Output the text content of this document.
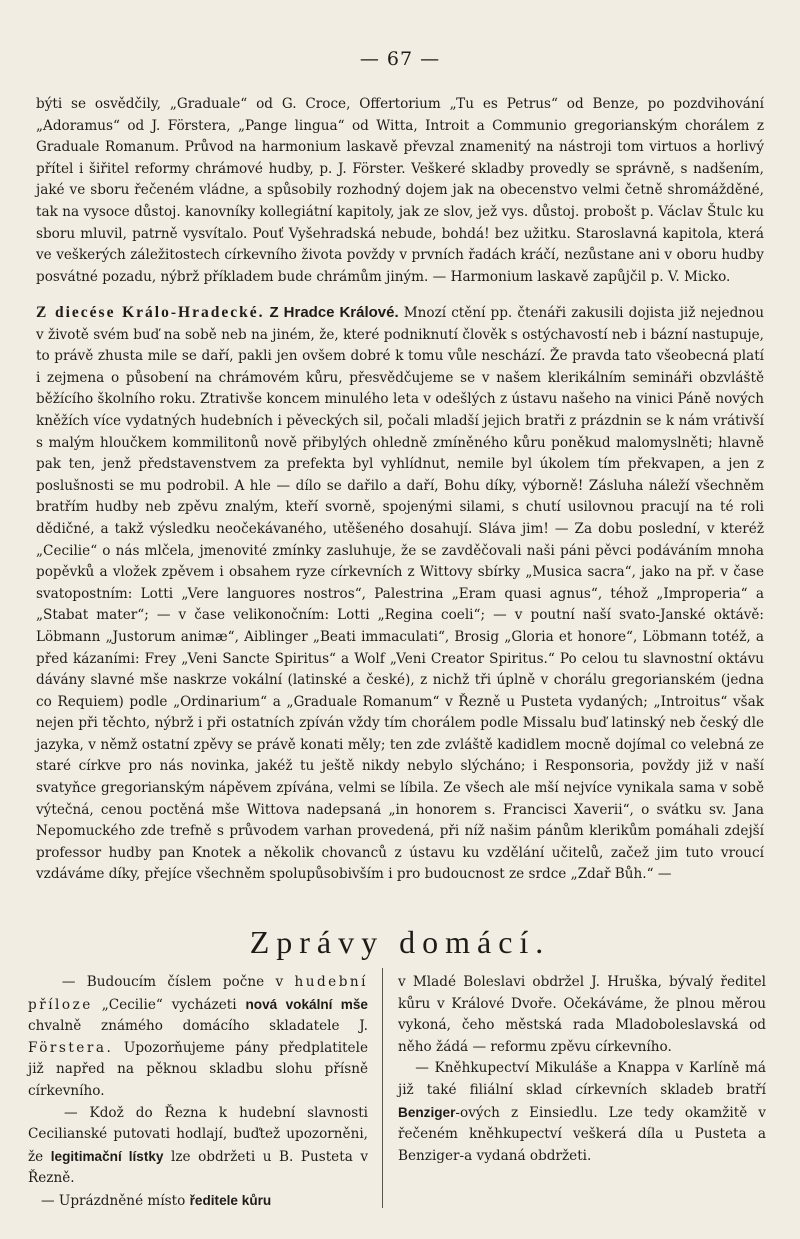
— 67 —

býti se osvědčily, „Graduale“ od G. Croce, Offertorium „Tu es Petrus“ od Benze, po pozdvihování „Adoramus“ od J. Förstera, „Pange lingua“ od Witta, Introit a Communio gregorianským chorálem z Graduale Romanum. Průvod na harmonium laskavě převzal znamenitý na nástroji tom virtuos a horlivý přítel i šiřitel reformy chrámové hudby, p. J. Förster. Veškeré skladby provedly se správně, s nadšením, jaké ve sboru řečeném vládne, a spůsobily rozhodný dojem jak na obecenstvo velmi četně shromážděné, tak na vysoce důstoj. kanovníky kollegiátní kapitoly, jak ze slov, jež vys. důstoj. probošt p. Václav Štulc ku sboru mluvil, patrně vysvítalo. Pouť Vyšehradská nebude, bohdá! bez užitku. Staroslavná kapitola, která ve veškerých záležitostech církevního života povždy v prvních řadách kráčí, nezůstane ani v oboru hudby posvátné pozadu, nýbrž příkladem bude chrámům jiným. — Harmonium laskavě zapůjčil p. V. Micko.

Z diecése Králo-Hradecké. Z Hradce Králové. Mnozí ctění pp. čtenáři zakusili dojista již nejednou v životě svém buď na sobě neb na jiném, že, které podniknutí člověk s ostýchavostí neb i bázní nastupuje, to právě zhusta mile se daří, pakli jen ovšem dobré k tomu vůle neschází. Že pravda tato všeobecná platí i zejmena o působení na chrámovém kůru, přesvědčujeme se v našem klerikálním semináři obzvláště běžícího školního roku. Ztrativše koncem minulého leta v odešlých z ústavu našeho na vinici Páně nových kněžích více vydatných hudebních i pěveckých sil, počali mladší jejich bratři z prázdnin se k nám vrátivší s malým hloučkem kommilitonů nově přibylých ohledně zmíněného kůru poněkud malomyslněti; hlavně pak ten, jenž představenstvem za prefekta byl vyhlídnut, nemile byl úkolem tím překvapen, a jen z poslušnosti se mu podrobil. A hle — dílo se dařilo a daří, Bohu díky, výborně! Zásluha náleží všechněm bratřím hudby neb zpěvu znalým, kteří svorně, spojenými silami, s chutí usilovnou pracují na té roli dědičné, a takž výsledku neočekávaného, utěšeného dosahují. Sláva jim! — Za dobu poslední, v kteréž „Cecilie“ o nás mlčela, jmenovité zmínky zasluhuje, že se zavděčovali naši páni pěvci podáváním mnoha popěvků a vložek zpěvem i obsahem ryze církevních z Wittovy sbírky „Musica sacra“, jako na př. v čase svatopostním: Lotti „Vere languores nostros“, Palestrina „Eram quasi agnus“, téhož „Improperia“ a „Stabat mater“; — v čase velikonočním: Lotti „Regina coeli“; — v poutní naší svato-Janské oktávě: Löbmann „Justorum animæ“, Aiblinger „Beati immaculati“, Brosig „Gloria et honore“, Löbmann totéž, a před kázaními: Frey „Veni Sancte Spiritus“ a Wolf „Veni Creator Spiritus.“ Po celou tu slavnostní oktávu dávány slavné mše naskrze vokální (latinské a české), z nichž tři úplně v chorálu gregorianském (jedna co Requiem) podle „Ordinarium“ a „Graduale Romanum“ v Řezně u Pusteta vydaných; „Introitus“ však nejen při těchto, nýbrž i při ostatních zpíván vždy tím chorálem podle Missalu buď latinský neb český dle jazyka, v němž ostatní zpěvy se právě konati měly; ten zde zvláště kadidlem mocně dojímal co velebná ze staré církve pro nás novinka, jakéž tu ještě nikdy nebylo slýcháno; i Responsoria, povždy již v naší svatyňce gregorianským nápěvem zpívána, velmi se líbila. Ze všech ale mší nejvíce vynikala sama v sobě výtečná, cenou poctěná mše Wittova nadepsaná „in honorem s. Francisci Xaverii“, o svátku sv. Jana Nepomuckého zde trefně s průvodem varhan provedená, při níž našim pánům klerikům pomáhali zdejší professor hudby pan Knotek a několik chovanců z ústavu ku vzdělání učitelů, začež jim tuto vroucí vzdáváme díky, přejíce všechněm spolupůsobivším i pro budoucnost ze srdce „Zdař Bůh.“ —

Zprávy domácí.

— Budoucím číslem počne v hudební příloze „Cecilie“ vycházeti nová vokální mše chvalně známého domácího skladatele J. Förstera. Upozorňujeme pány předplatitele již napřed na pěknou skladbu slohu přísně církevního.

— Kdož do Řezna k hudební slavnosti Cecilianské putovati hodlají, buďtež upozorněni, že legitimační lístky lze obdržeti u B. Pusteta v Řezně.

— Uprázdněné místo ředitele kůru

v Mladé Boleslavi obdržel J. Hruška, bývalý ředitel kůru v Králové Dvoře. Očekáváme, že plnou měrou vykoná, čeho městská rada Mladoboleslavská od něho žádá — reformu zpěvu církevního.

— Kněhkupectví Mikuláše a Knappa v Karlíně má již také filiální sklad církevních skladeb bratří Benziger-ových z Einsiedlu. Lze tedy okamžitě v řečeném kněhkupectví veškerá díla u Pusteta a Benziger-a vydaná obdržeti.
